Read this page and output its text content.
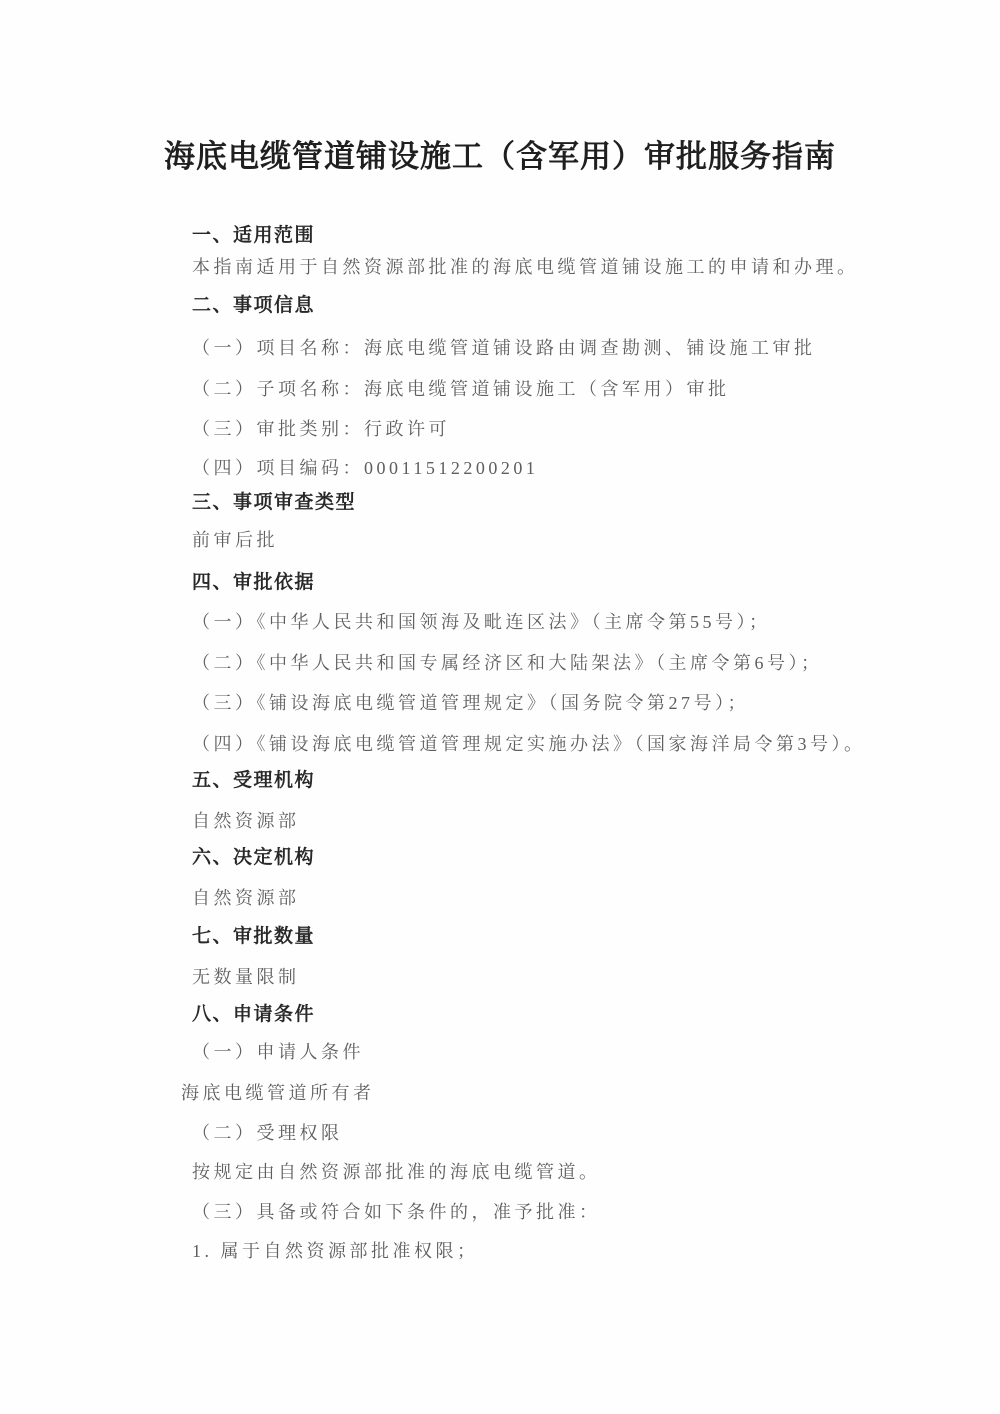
海底电缆管道铺设施工（含军用）审批服务指南
一、适用范围
本指南适用于自然资源部批准的海底电缆管道铺设施工的申请和办理。
二、事项信息
（一）项目名称：海底电缆管道铺设路由调查勘测、铺设施工审批
（二）子项名称：海底电缆管道铺设施工（含军用）审批
（三）审批类别：行政许可
（四）项目编码：00011512200201
三、事项审查类型
前审后批
四、审批依据
（一）《中华人民共和国领海及毗连区法》（主席令第55号）；
（二）《中华人民共和国专属经济区和大陆架法》（主席令第6号）；
（三）《铺设海底电缆管道管理规定》（国务院令第27号）；
（四）《铺设海底电缆管道管理规定实施办法》（国家海洋局令第3号）。
五、受理机构
自然资源部
六、决定机构
自然资源部
七、审批数量
无数量限制
八、申请条件
（一）申请人条件
海底电缆管道所有者
（二）受理权限
按规定由自然资源部批准的海底电缆管道。
（三）具备或符合如下条件的，准予批准：
1. 属于自然资源部批准权限；
